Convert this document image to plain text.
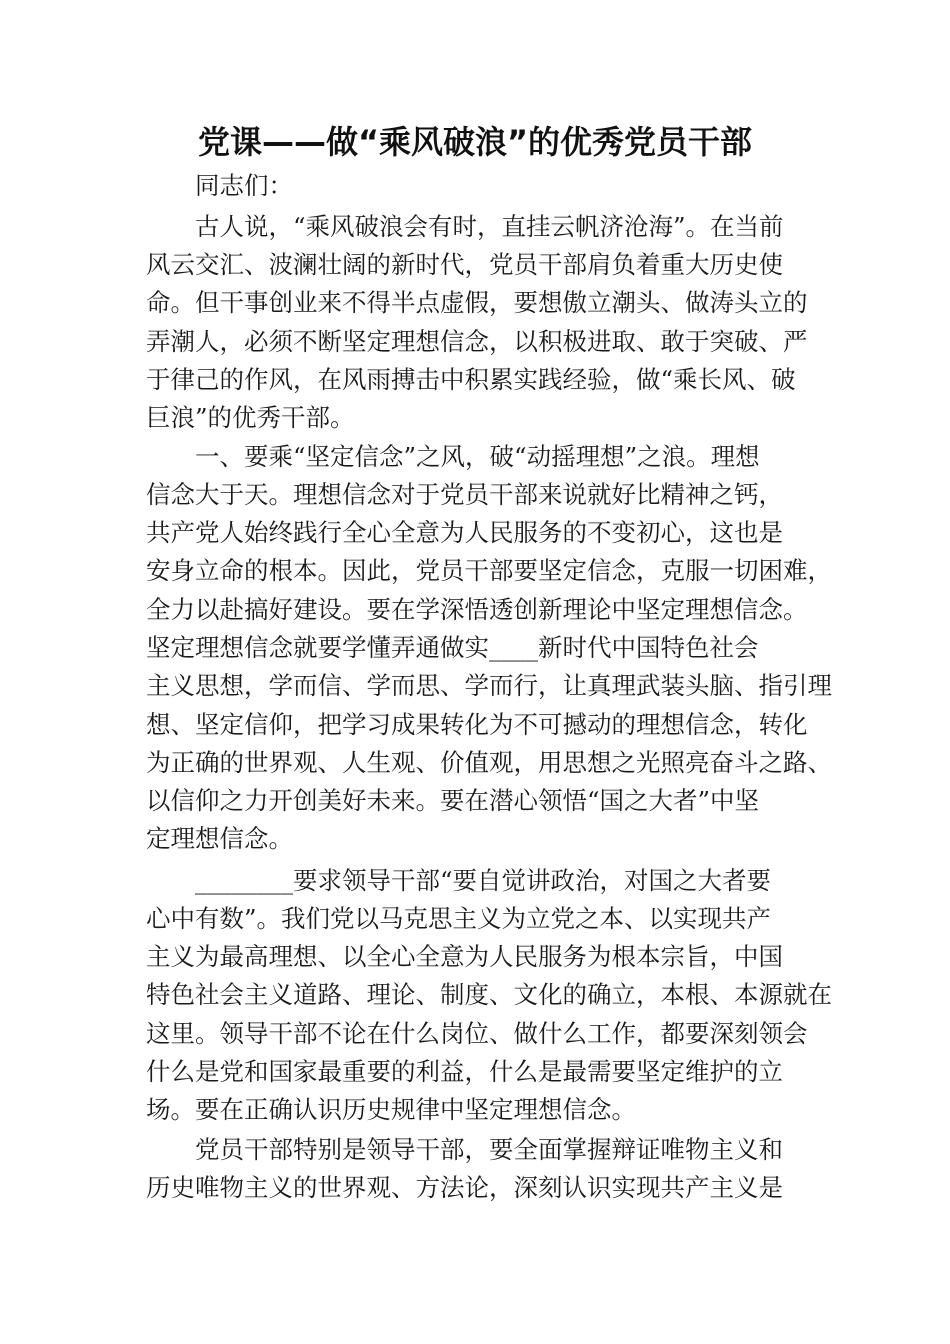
党课——做“乘风破浪”的优秀党员干部
同志们：
古人说，“乘风破浪会有时，直挂云帆济沧海”。在当前
风云交汇、波澜壮阔的新时代，党员干部肩负着重大历史使
命。但干事创业来不得半点虚假，要想傲立潮头、做涛头立的
弄潮人，必须不断坚定理想信念，以积极进取、敢于突破、严
于律己的作风，在风雨搏击中积累实践经验，做“乘长风、破
巨浪”的优秀干部。
一、要乘“坚定信念”之风，破“动摇理想”之浪。理想
信念大于天。理想信念对于党员干部来说就好比精神之钙，
共产党人始终践行全心全意为人民服务的不变初心，这也是
安身立命的根本。因此，党员干部要坚定信念，克服一切困难，
全力以赴搞好建设。要在学深悟透创新理论中坚定理想信念。
坚定理想信念就要学懂弄通做实____新时代中国特色社会
主义思想，学而信、学而思、学而行，让真理武装头脑、指引理
想、坚定信仰，把学习成果转化为不可撼动的理想信念，转化
为正确的世界观、人生观、价值观，用思想之光照亮奋斗之路、
以信仰之力开创美好未来。要在潜心领悟“国之大者”中坚
定理想信念。
________要求领导干部“要自觉讲政治，对国之大者要
心中有数”。我们党以马克思主义为立党之本、以实现共产
主义为最高理想、以全心全意为人民服务为根本宗旨，中国
特色社会主义道路、理论、制度、文化的确立，本根、本源就在
这里。领导干部不论在什么岗位、做什么工作，都要深刻领会
什么是党和国家最重要的利益，什么是最需要坚定维护的立
场。要在正确认识历史规律中坚定理想信念。
党员干部特别是领导干部，要全面掌握辩证唯物主义和
历史唯物主义的世界观、方法论，深刻认识实现共产主义是
